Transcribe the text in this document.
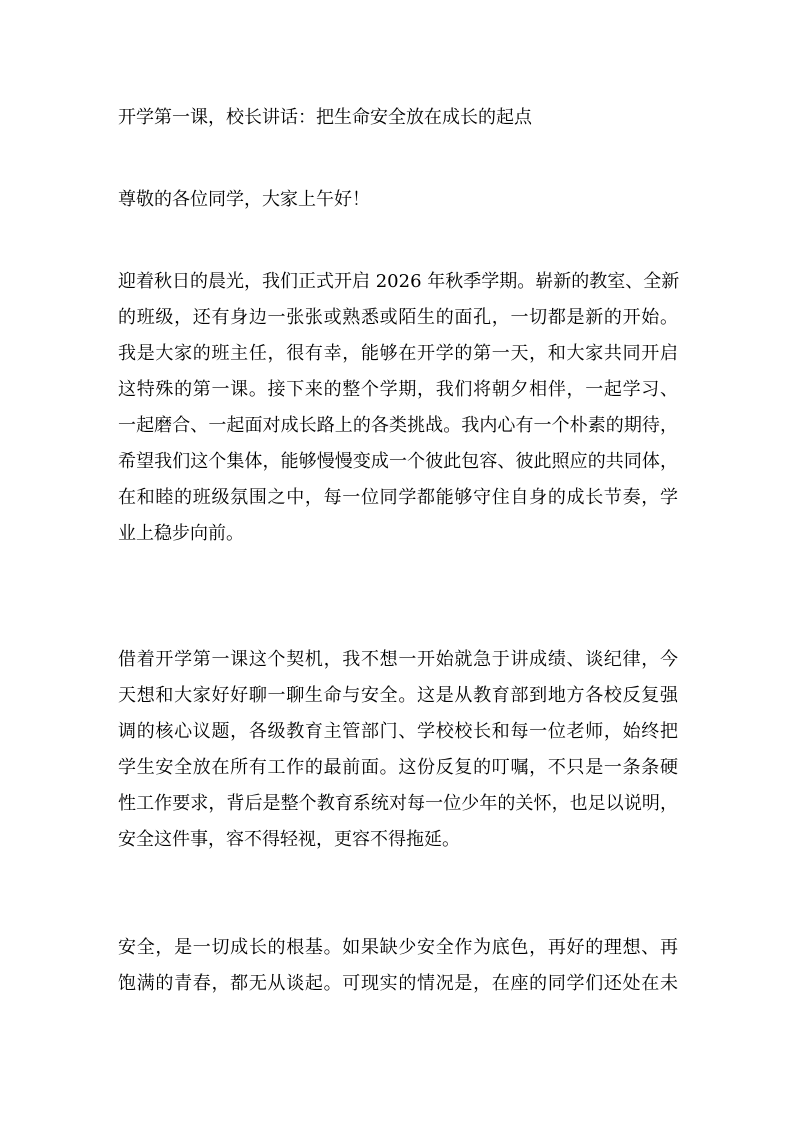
开学第一课，校长讲话：把生命安全放在成长的起点

尊敬的各位同学，大家上午好！

迎着秋日的晨光，我们正式开启 2026 年秋季学期。崭新的教室、全新
的班级，还有身边一张张或熟悉或陌生的面孔，一切都是新的开始。
我是大家的班主任，很有幸，能够在开学的第一天，和大家共同开启
这特殊的第一课。接下来的整个学期，我们将朝夕相伴，一起学习、
一起磨合、一起面对成长路上的各类挑战。我内心有一个朴素的期待，
希望我们这个集体，能够慢慢变成一个彼此包容、彼此照应的共同体，
在和睦的班级氛围之中，每一位同学都能够守住自身的成长节奏，学
业上稳步向前。
借着开学第一课这个契机，我不想一开始就急于讲成绩、谈纪律，今
天想和大家好好聊一聊生命与安全。这是从教育部到地方各校反复强
调的核心议题，各级教育主管部门、学校校长和每一位老师，始终把
学生安全放在所有工作的最前面。这份反复的叮嘱，不只是一条条硬
性工作要求，背后是整个教育系统对每一位少年的关怀，也足以说明，
安全这件事，容不得轻视，更容不得拖延。
安全，是一切成长的根基。如果缺少安全作为底色，再好的理想、再
饱满的青春，都无从谈起。可现实的情况是，在座的同学们还处在未
